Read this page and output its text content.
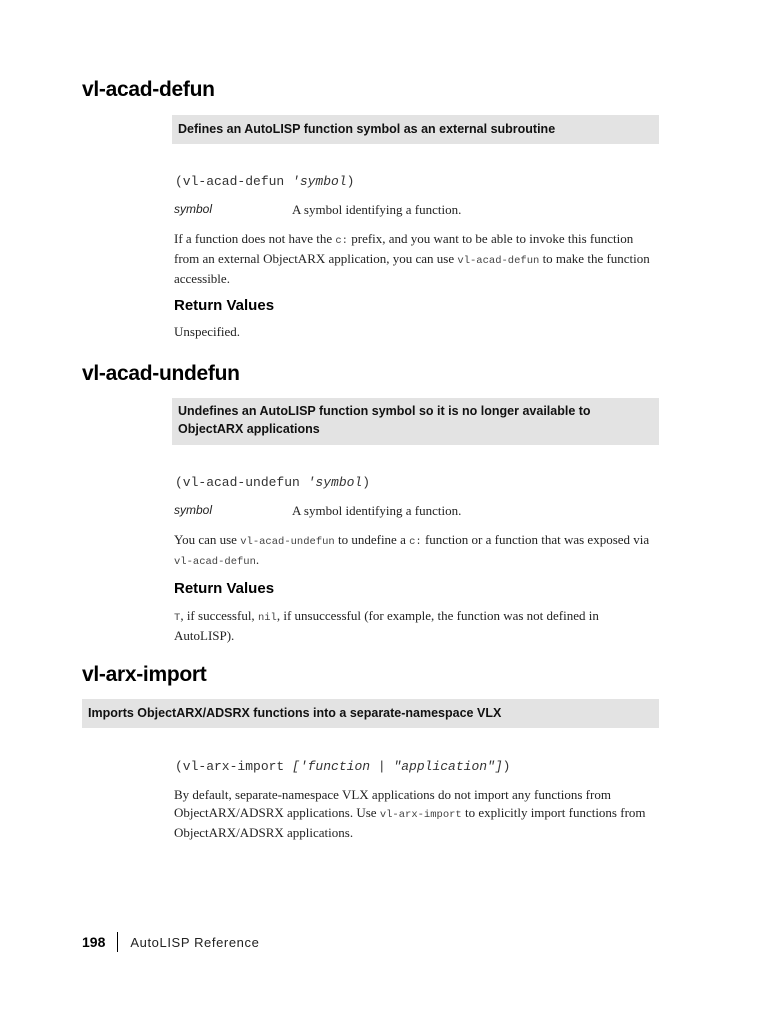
vl-acad-defun
Defines an AutoLISP function symbol as an external subroutine
(vl-acad-defun 'symbol)
symbol	A symbol identifying a function.

If a function does not have the c: prefix, and you want to be able to invoke this function from an external ObjectARX application, you can use vl-acad-defun to make the function accessible.

Return Values

Unspecified.

vl-acad-undefun
Undefines an AutoLISP function symbol so it is no longer available to ObjectARX applications
(vl-acad-undefun 'symbol)
symbol	A symbol identifying a function.

You can use vl-acad-undefun to undefine a c: function or a function that was exposed via vl-acad-defun.

Return Values

T, if successful, nil, if unsuccessful (for example, the function was not defined in AutoLISP).

vl-arx-import
Imports ObjectARX/ADSRX functions into a separate-namespace VLX
(vl-arx-import ['function | "application"])

By default, separate-namespace VLX applications do not import any functions from ObjectARX/ADSRX applications. Use vl-arx-import to explicitly import functions from ObjectARX/ADSRX applications.

198 AutoLISP Reference
